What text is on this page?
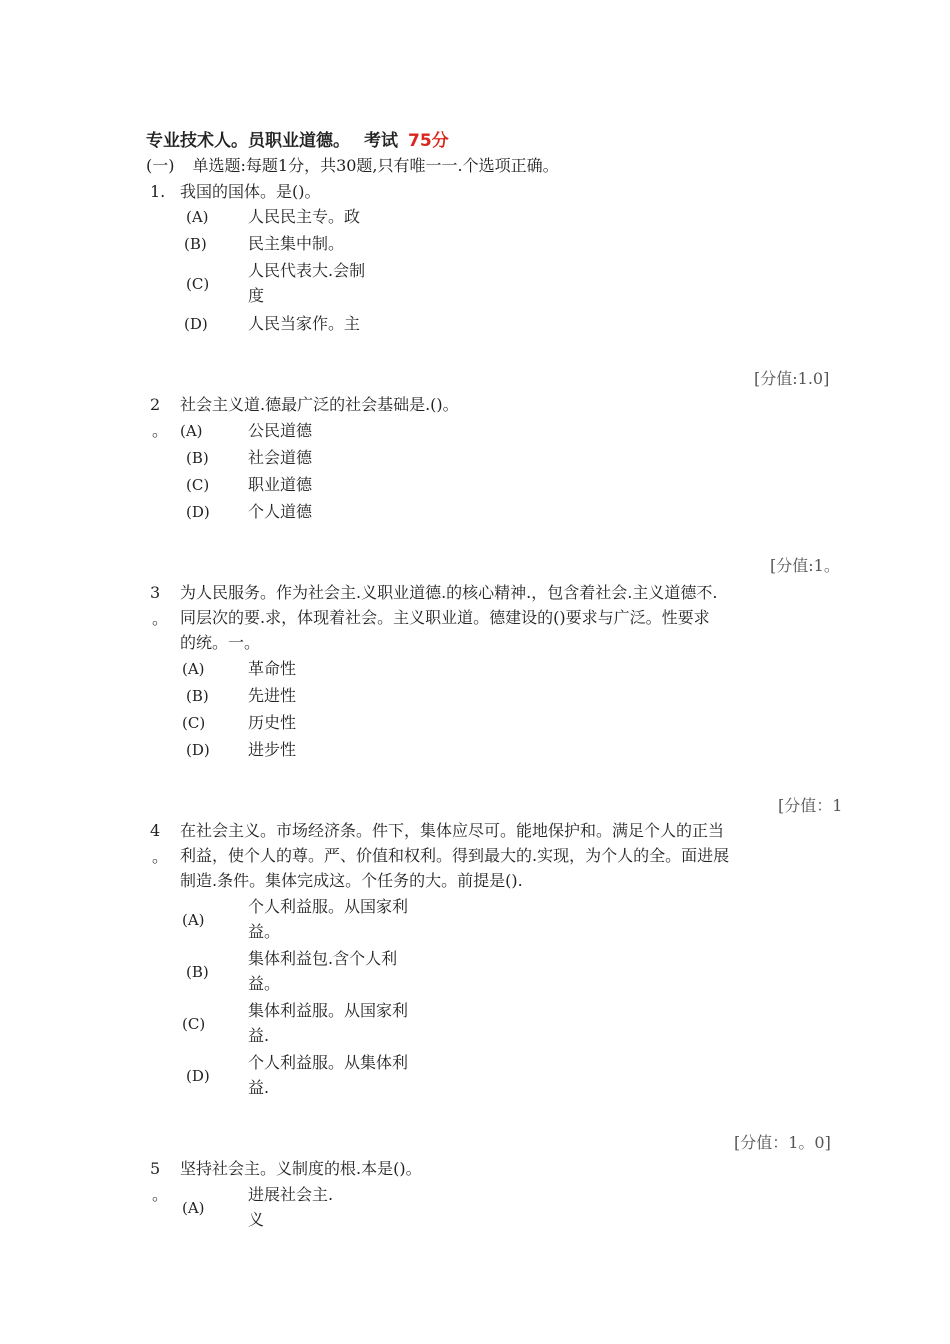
专业技术人。员职业道德。 考试 75分
(一) 单选题:每题1分，共30题,只有唯一一.个选项正确。
1. 我国的国体。是()。
(A) 人民民主专。政
(B)	民主集中制。
(C)
人民代表大.会制
度
(D)	人民当家作。主
[分值:1.0]
2
。
社会主义道.德最广泛的社会基础是.()。
(A)	公民道德
(B) 社会道德
(C) 职业道德
(D) 个人道德
[分值:1。
3
。
为人民服务。作为社会主.义职业道德.的核心精神.，包含着社会.主义道德不.
同层次的要.求，体现着社会。主义职业道。德建设的()要求与广泛。性要求
的统。一。
(A)	革命性
(B) 先进性
(C)	历史性
(D) 进步性
[分值：1
4
。
在社会主义。市场经济条。件下，集体应尽可。能地保护和。满足个人的正当
利益，使个人的尊。严、价值和权利。得到最大的.实现，为个人的全。面进展
制造.条件。集体完成这。个任务的大。前提是().
(A)
个人利益服。从国家利
益。
(B)
集体利益包.含个人利
益。
(C)
集体利益服。从国家利
益.
(D)
个人利益服。从集体利
益.
[分值：1。0]
5
。
坚持社会主。义制度的根.本是()。
(A)
进展社会主.
义
